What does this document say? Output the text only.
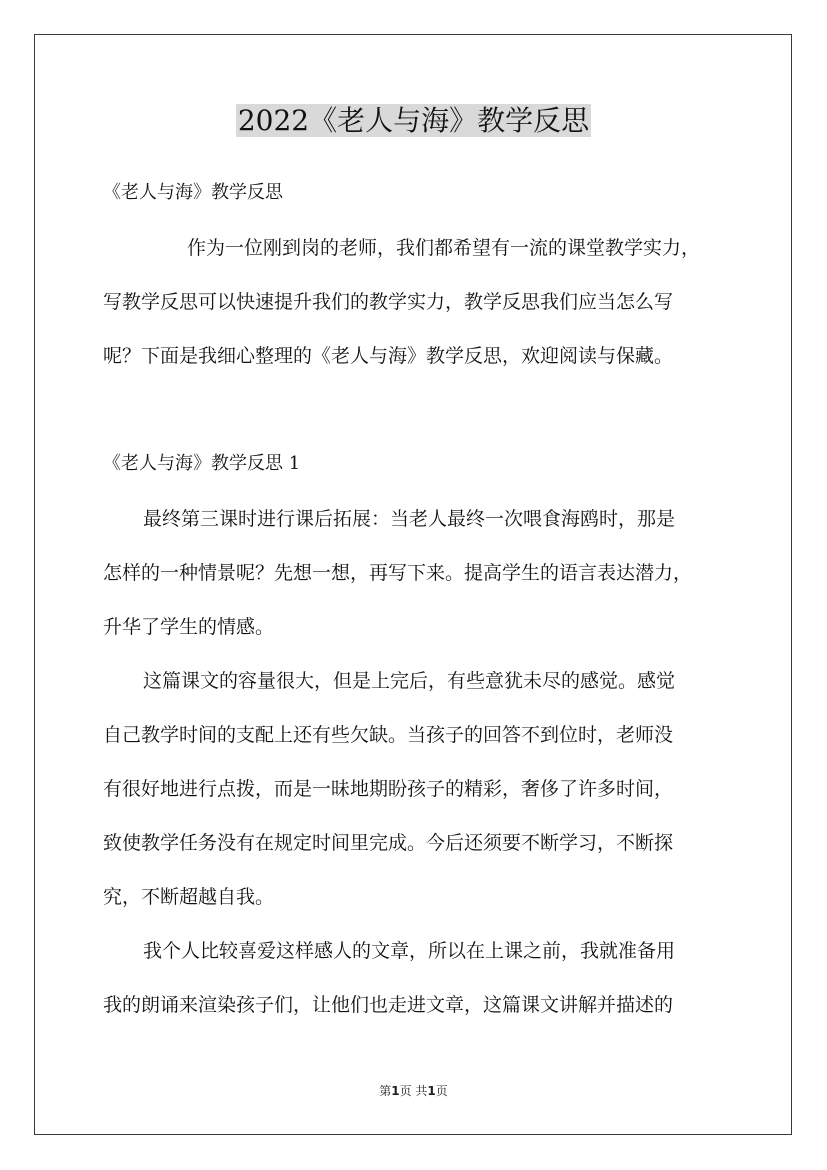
2022《老人与海》教学反思

《老人与海》教学反思

作为一位刚到岗的老师，我们都希望有一流的课堂教学实力，

写教学反思可以快速提升我们的教学实力，教学反思我们应当怎么写

呢？下面是我细心整理的《老人与海》教学反思，欢迎阅读与保藏。

《老人与海》教学反思 1

最终第三课时进行课后拓展：当老人最终一次喂食海鸥时，那是

怎样的一种情景呢？先想一想，再写下来。提高学生的语言表达潜力，

升华了学生的情感。

这篇课文的容量很大，但是上完后，有些意犹未尽的感觉。感觉

自己教学时间的支配上还有些欠缺。当孩子的回答不到位时，老师没

有很好地进行点拨，而是一昧地期盼孩子的精彩，奢侈了许多时间，

致使教学任务没有在规定时间里完成。今后还须要不断学习，不断探

究，不断超越自我。

我个人比较喜爱这样感人的文章，所以在上课之前，我就准备用

我的朗诵来渲染孩子们，让他们也走进文章，这篇课文讲解并描述的

第1页 共1页
